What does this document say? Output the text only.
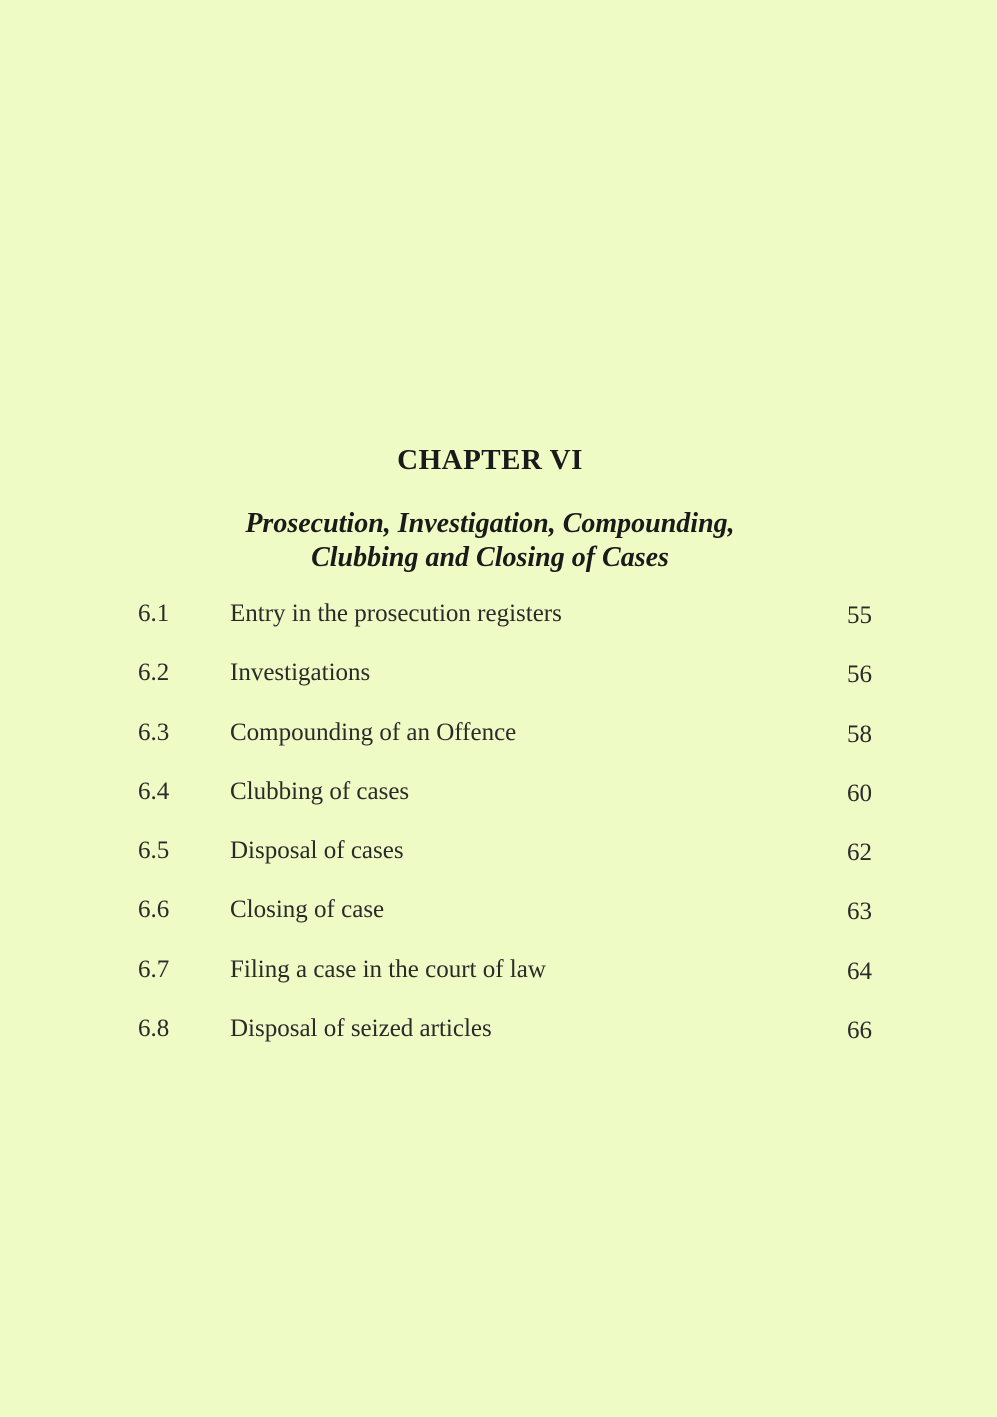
CHAPTER VI
Prosecution, Investigation, Compounding,
Clubbing and Closing of Cases
6.1 Entry in the prosecution registers	55
6.2 Investigations	56
6.3 Compounding of an Offence	58
6.4 Clubbing of cases	60
6.5 Disposal of cases	62
6.6 Closing of case	63
6.7 Filing a case in the court of law	64
6.8 Disposal of seized articles	66
